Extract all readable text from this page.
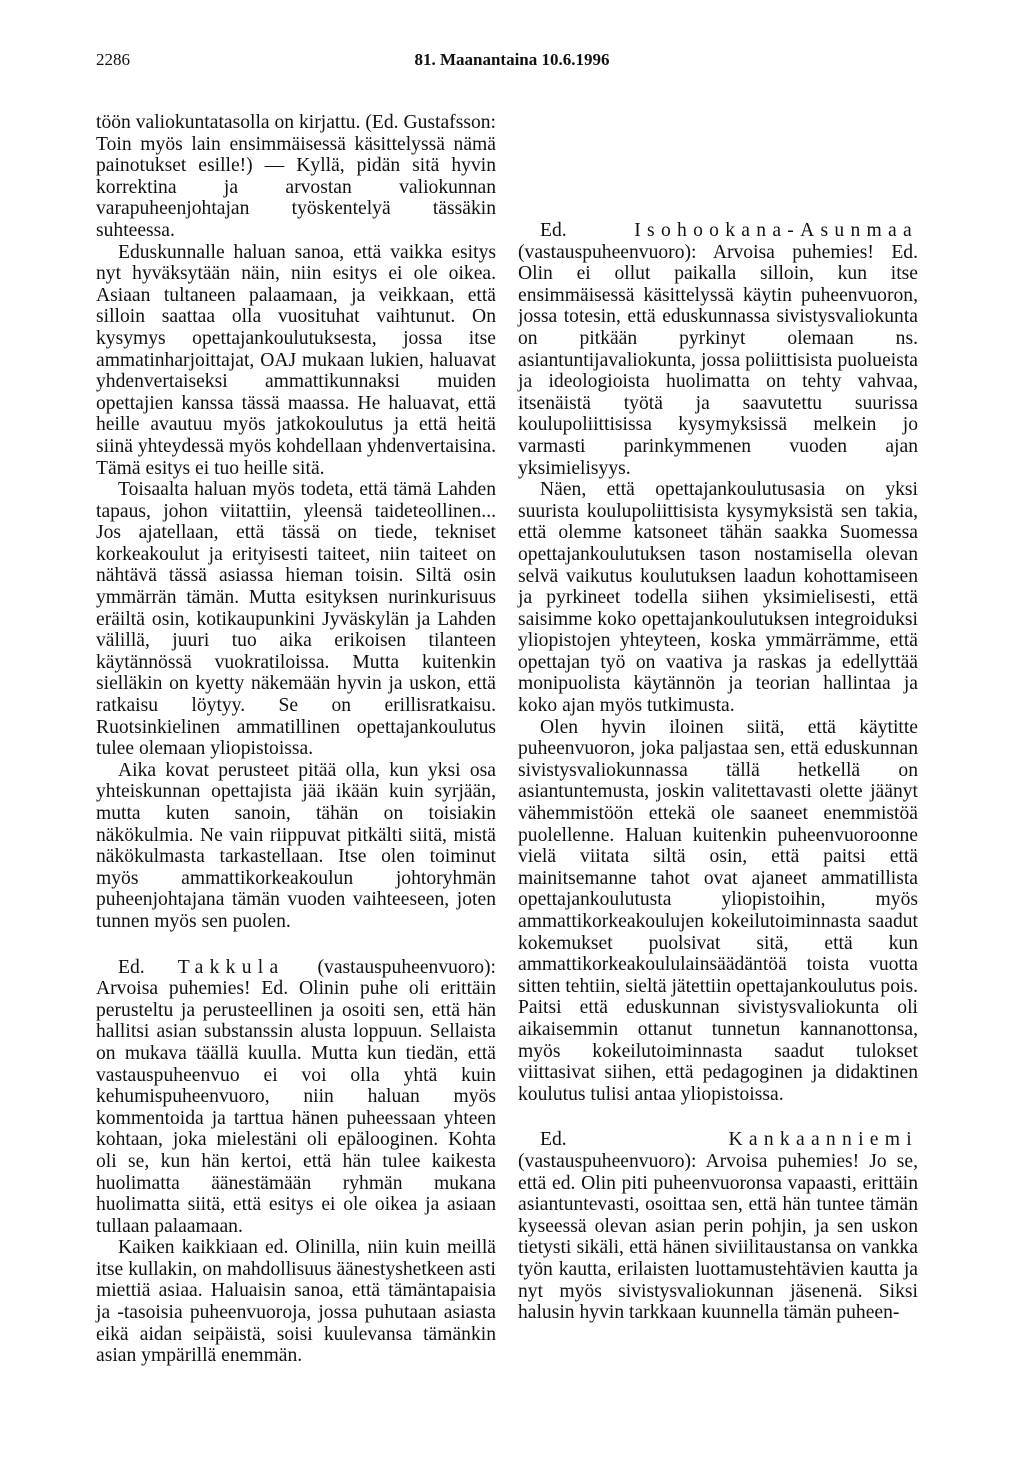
2286	81. Maanantaina 10.6.1996

töön valiokuntatasolla on kirjattu. (Ed. Gustafsson: Toin myös lain ensimmäisessä käsittelyssä nämä painotukset esille!) — Kyllä, pidän sitä hyvin korrektina ja arvostan valiokunnan varapuheenjohtajan työskentelyä tässäkin suhteessa.

Eduskunnalle haluan sanoa, että vaikka esitys nyt hyväksytään näin, niin esitys ei ole oikea. Asiaan tultaneen palaamaan, ja veikkaan, että silloin saattaa olla vuosituhat vaihtunut. On kysymys opettajankoulutuksesta, jossa itse ammatinharjoittajat, OAJ mukaan lukien, haluavat yhdenvertaiseksi ammattikunnaksi muiden opettajien kanssa tässä maassa. He haluavat, että heille avautuu myös jatkokoulutus ja että heitä siinä yhteydessä myös kohdellaan yhdenvertaisina. Tämä esitys ei tuo heille sitä.

Toisaalta haluan myös todeta, että tämä Lahden tapaus, johon viitattiin, yleensä taideteollinen... Jos ajatellaan, että tässä on tiede, tekniset korkeakoulut ja erityisesti taiteet, niin taiteet on nähtävä tässä asiassa hieman toisin. Siltä osin ymmärrän tämän. Mutta esityksen nurinkurisuus eräiltä osin, kotikaupunkini Jyväskylän ja Lahden välillä, juuri tuo aika erikoisen tilanteen käytännössä vuokratiloissa. Mutta kuitenkin sielläkin on kyetty näkemään hyvin ja uskon, että ratkaisu löytyy. Se on erillisratkaisu. Ruotsinkielinen ammatillinen opettajankoulutus tulee olemaan yliopistoissa.

Aika kovat perusteet pitää olla, kun yksi osa yhteiskunnan opettajista jää ikään kuin syrjään, mutta kuten sanoin, tähän on toisiakin näkökulmia. Ne vain riippuvat pitkälti siitä, mistä näkökulmasta tarkastellaan. Itse olen toiminut myös ammattikorkeakoulun johtoryhmän puheenjohtajana tämän vuoden vaihteeseen, joten tunnen myös sen puolen.

Ed. Takkula (vastauspuheenvuoro): Arvoisa puhemies! Ed. Olinin puhe oli erittäin perusteltu ja perusteellinen ja osoiti sen, että hän hallitsi asian substanssin alusta loppuun. Sellaista on mukava täällä kuulla. Mutta kun tiedän, että vastauspuheenvuo ei voi olla yhtä kuin kehumispuheenvuoro, niin haluan myös kommentoida ja tarttua hänen puheessaan yhteen kohtaan, joka mielestäni oli epälooginen. Kohta oli se, kun hän kertoi, että hän tulee kaikesta huolimatta äänestämään ryhmän mukana huolimatta siitä, että esitys ei ole oikea ja asiaan tullaan palaamaan.

Kaiken kaikkiaan ed. Olinilla, niin kuin meillä itse kullakin, on mahdollisuus äänestyshetkeen asti miettiä asiaa. Haluaisin sanoa, että tämäntapaisia ja -tasoisia puheenvuoroja, jossa puhutaan asiasta eikä aidan seipäistä, soisi kuulevansa tämänkin asian ympärillä enemmän.

Ed. Isohookana-Asunmaa (vastauspuheenvuoro): Arvoisa puhemies! Ed. Olin ei ollut paikalla silloin, kun itse ensimmäisessä käsittelyssä käytin puheenvuoron, jossa totesin, että eduskunnassa sivistysvaliokunta on pitkään pyrkinyt olemaan ns. asiantuntijavaliokunta, jossa poliittisista puolueista ja ideologioista huolimatta on tehty vahvaa, itsenäistä työtä ja saavutettu suurissa koulupoliittisissa kysymyksissä melkein jo varmasti parinkymmenen vuoden ajan yksimielisyys.

Näen, että opettajankoulutusasia on yksi suurista koulupoliittisista kysymyksistä sen takia, että olemme katsoneet tähän saakka Suomessa opettajankoulutuksen tason nostamisella olevan selvä vaikutus koulutuksen laadun kohottamiseen ja pyrkineet todella siihen yksimielisesti, että saisimme koko opettajankoulutuksen integroiduksi yliopistojen yhteyteen, koska ymmärrämme, että opettajan työ on vaativa ja raskas ja edellyttää monipuolista käytännön ja teorian hallintaa ja koko ajan myös tutkimusta.

Olen hyvin iloinen siitä, että käytitte puheenvuoron, joka paljastaa sen, että eduskunnan sivistysvaliokunnassa tällä hetkellä on asiantuntemusta, joskin valitettavasti olette jäänyt vähemmistöön ettekä ole saaneet enemmistöä puolellenne. Haluan kuitenkin puheenvuoroonne vielä viitata siltä osin, että paitsi että mainitsemanne tahot ovat ajaneet ammatillista opettajankoulutusta yliopistoihin, myös ammattikorkeakoulujen kokeilutoiminnasta saadut kokemukset puolsivat sitä, että kun ammattikorkeakoululainsäädäntöä toista vuotta sitten tehtiin, sieltä jätettiin opettajankoulutus pois. Paitsi että eduskunnan sivistysvaliokunta oli aikaisemmin ottanut tunnetun kannanottonsa, myös kokeilutoiminnasta saadut tulokset viittasivat siihen, että pedagoginen ja didaktinen koulutus tulisi antaa yliopistoissa.

Ed. Kankaanniemi (vastauspuheenvuoro): Arvoisa puhemies! Jo se, että ed. Olin piti puheenvuoronsa vapaasti, erittäin asiantuntevasti, osoittaa sen, että hän tuntee tämän kyseessä olevan asian perin pohjin, ja sen uskon tietysti sikäli, että hänen siviilitaustansa on vankka työn kautta, erilaisten luottamustehtävien kautta ja nyt myös sivistysvaliokunnan jäsenenä. Siksi halusin hyvin tarkkaan kuunnella tämän puheen-
